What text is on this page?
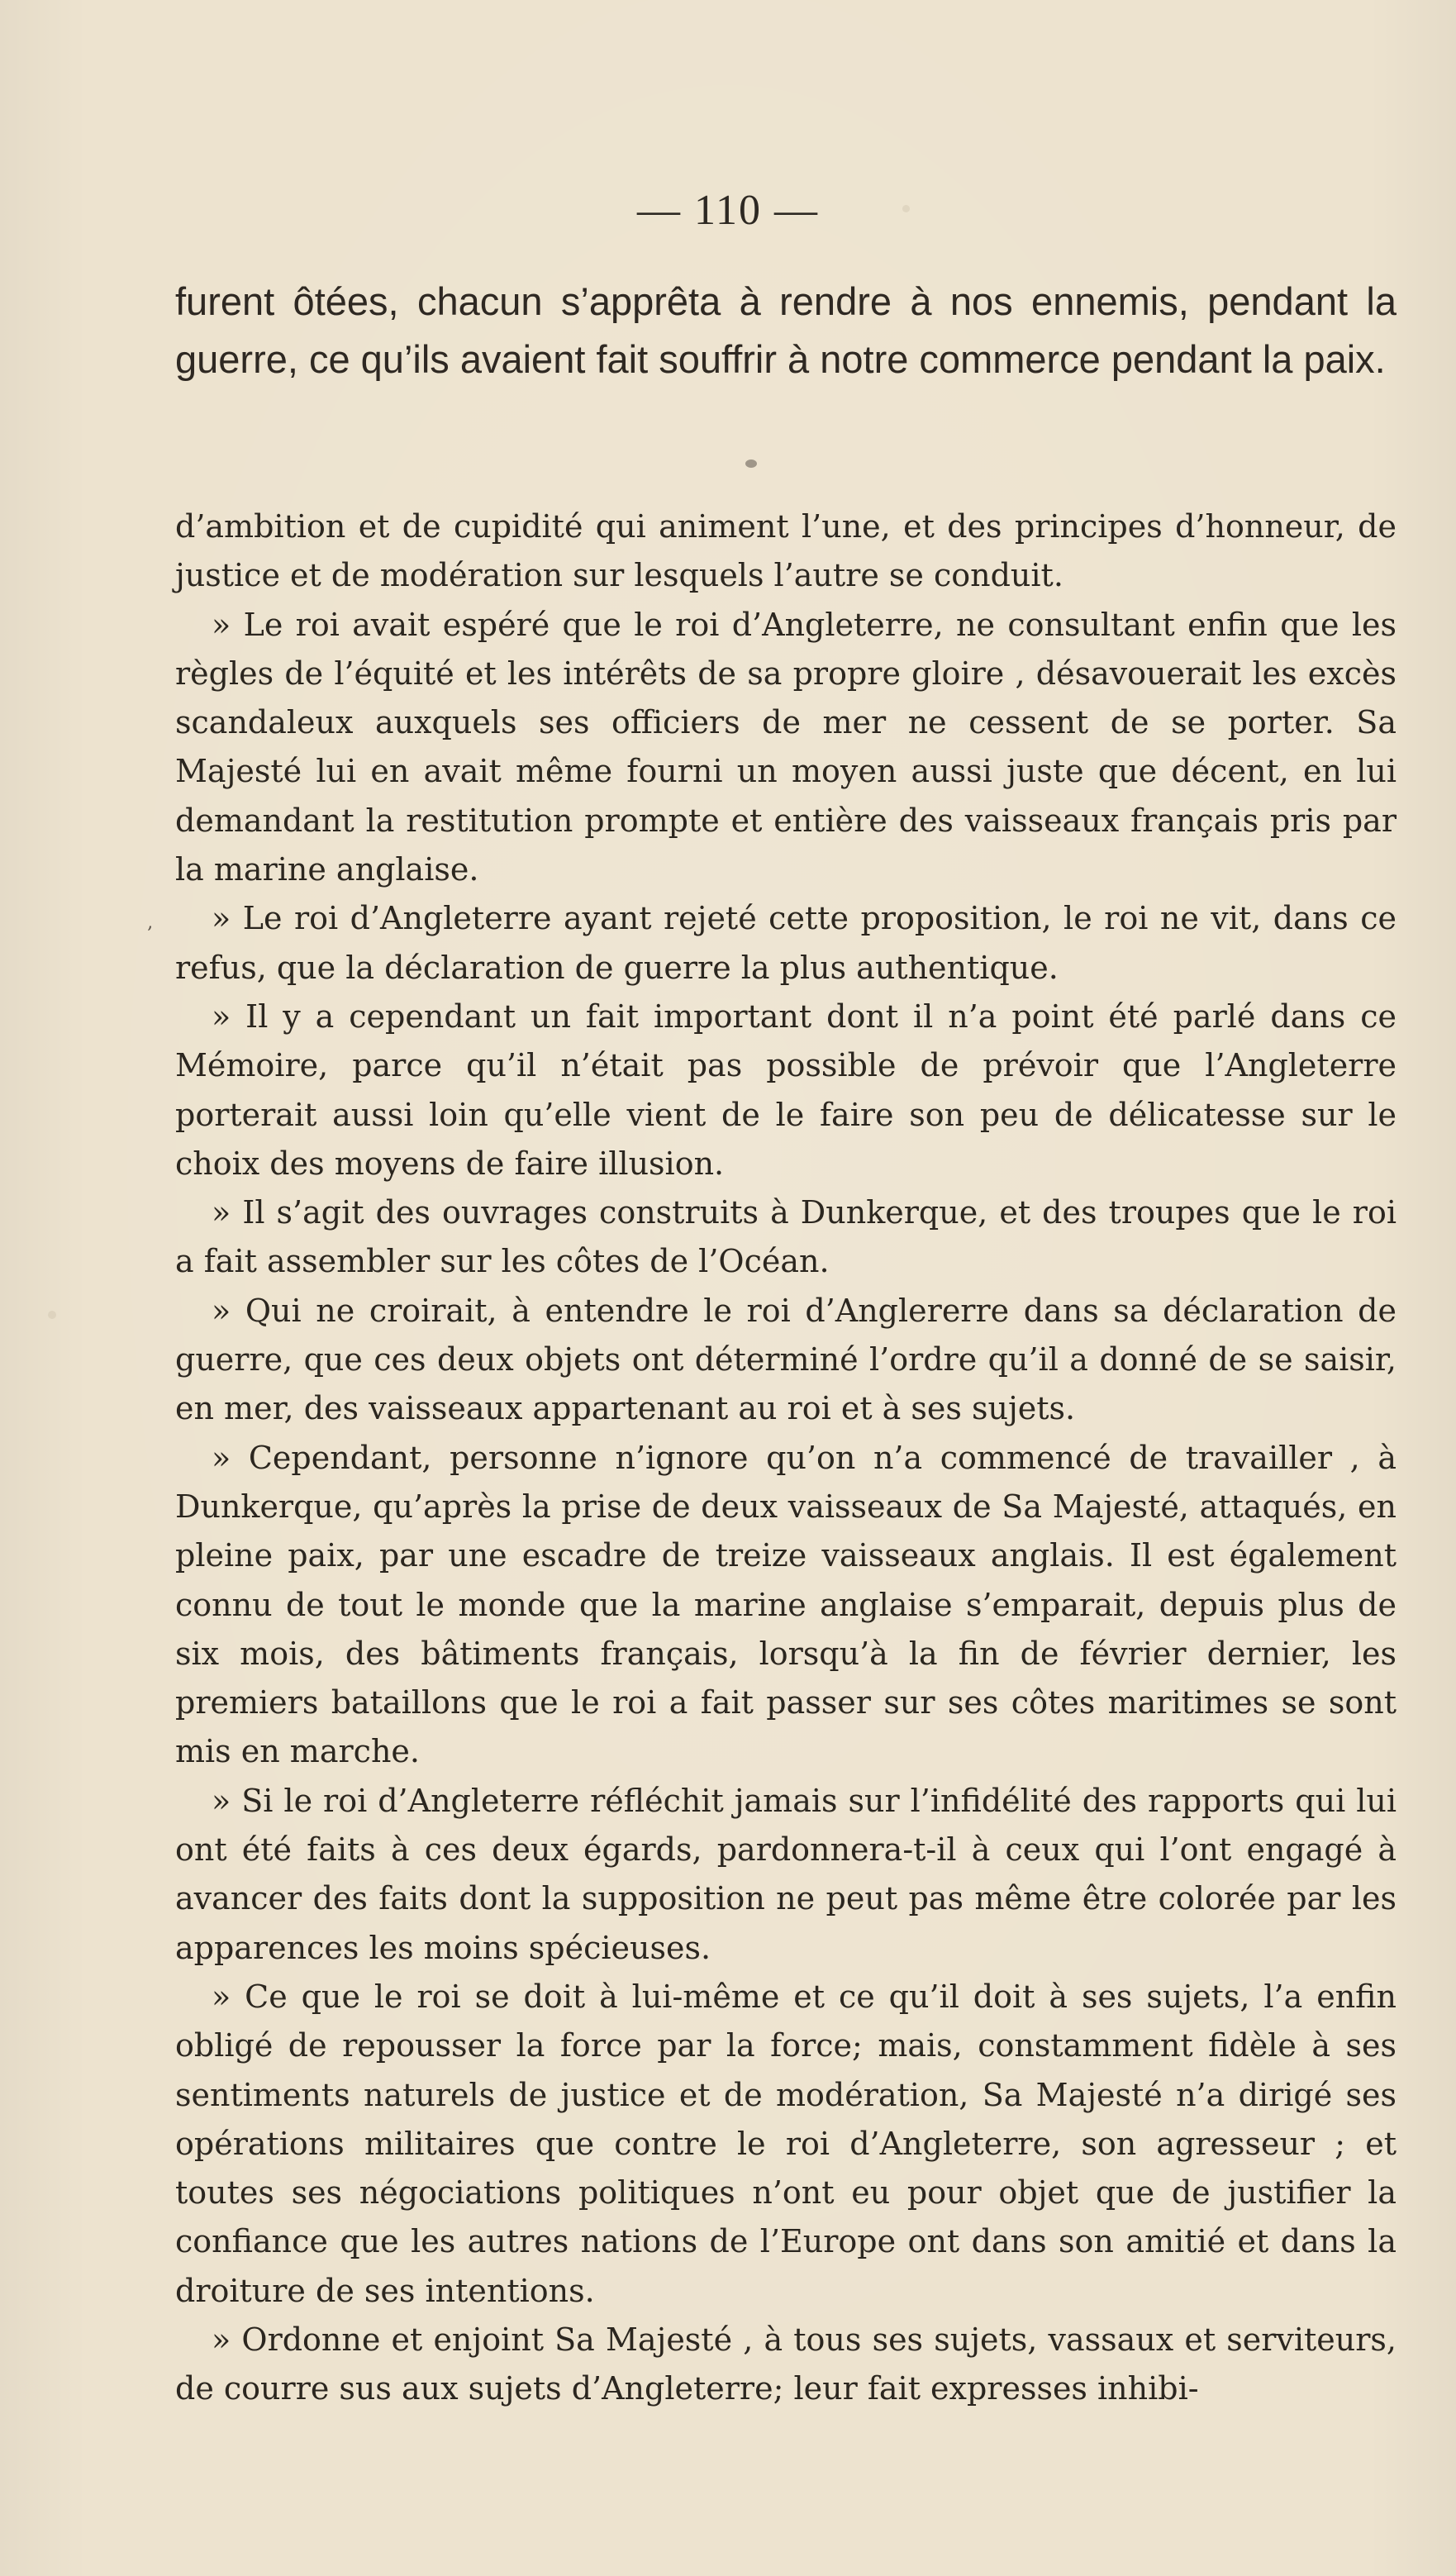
— 110 —
furent ôtées, chacun s’apprêta à rendre à nos ennemis, pendant la guerre, ce qu’ils avaient fait souffrir à notre commerce pendant la paix.
‚

d’ambition et de cupidité qui animent l’une, et des principes d’honneur, de justice et de modération sur lesquels l’autre se conduit.

» Le roi avait espéré que le roi d’Angleterre, ne consultant enfin que les règles de l’équité et les intérêts de sa propre gloire , désavouerait les excès scandaleux auxquels ses officiers de mer ne cessent de se porter. Sa Majesté lui en avait même fourni un moyen aussi juste que décent, en lui demandant la restitution prompte et entière des vaisseaux français pris par la marine anglaise.

» Le roi d’Angleterre ayant rejeté cette proposition, le roi ne vit, dans ce refus, que la déclaration de guerre la plus authentique.

» Il y a cependant un fait important dont il n’a point été parlé dans ce Mémoire, parce qu’il n’était pas possible de prévoir que l’Angleterre porterait aussi loin qu’elle vient de le faire son peu de délicatesse sur le choix des moyens de faire illusion.

» Il s’agit des ouvrages construits à Dunkerque, et des troupes que le roi a fait assembler sur les côtes de l’Océan.

» Qui ne croirait, à entendre le roi d’Anglererre dans sa déclaration de guerre, que ces deux objets ont déterminé l’ordre qu’il a donné de se saisir, en mer, des vaisseaux appartenant au roi et à ses sujets.

» Cependant, personne n’ignore qu’on n’a commencé de travailler , à Dunkerque, qu’après la prise de deux vaisseaux de Sa Majesté, attaqués, en pleine paix, par une escadre de treize vaisseaux anglais. Il est également connu de tout le monde que la marine anglaise s’emparait, depuis plus de six mois, des bâtiments français, lorsqu’à la fin de février dernier, les premiers bataillons que le roi a fait passer sur ses côtes maritimes se sont mis en marche.

» Si le roi d’Angleterre réfléchit jamais sur l’infidélité des rapports qui lui ont été faits à ces deux égards, pardonnera-t-il à ceux qui l’ont engagé à avancer des faits dont la supposition ne peut pas même être colorée par les apparences les moins spécieuses.

» Ce que le roi se doit à lui-même et ce qu’il doit à ses sujets, l’a enfin obligé de repousser la force par la force; mais, constamment fidèle à ses sentiments naturels de justice et de modération, Sa Majesté n’a dirigé ses opérations militaires que contre le roi d’Angleterre, son agresseur ; et toutes ses négociations politiques n’ont eu pour objet que de justifier la confiance que les autres nations de l’Europe ont dans son amitié et dans la droiture de ses intentions.

» Ordonne et enjoint Sa Majesté , à tous ses sujets, vassaux et serviteurs, de courre sus aux sujets d’Angleterre; leur fait expresses inhibi-
